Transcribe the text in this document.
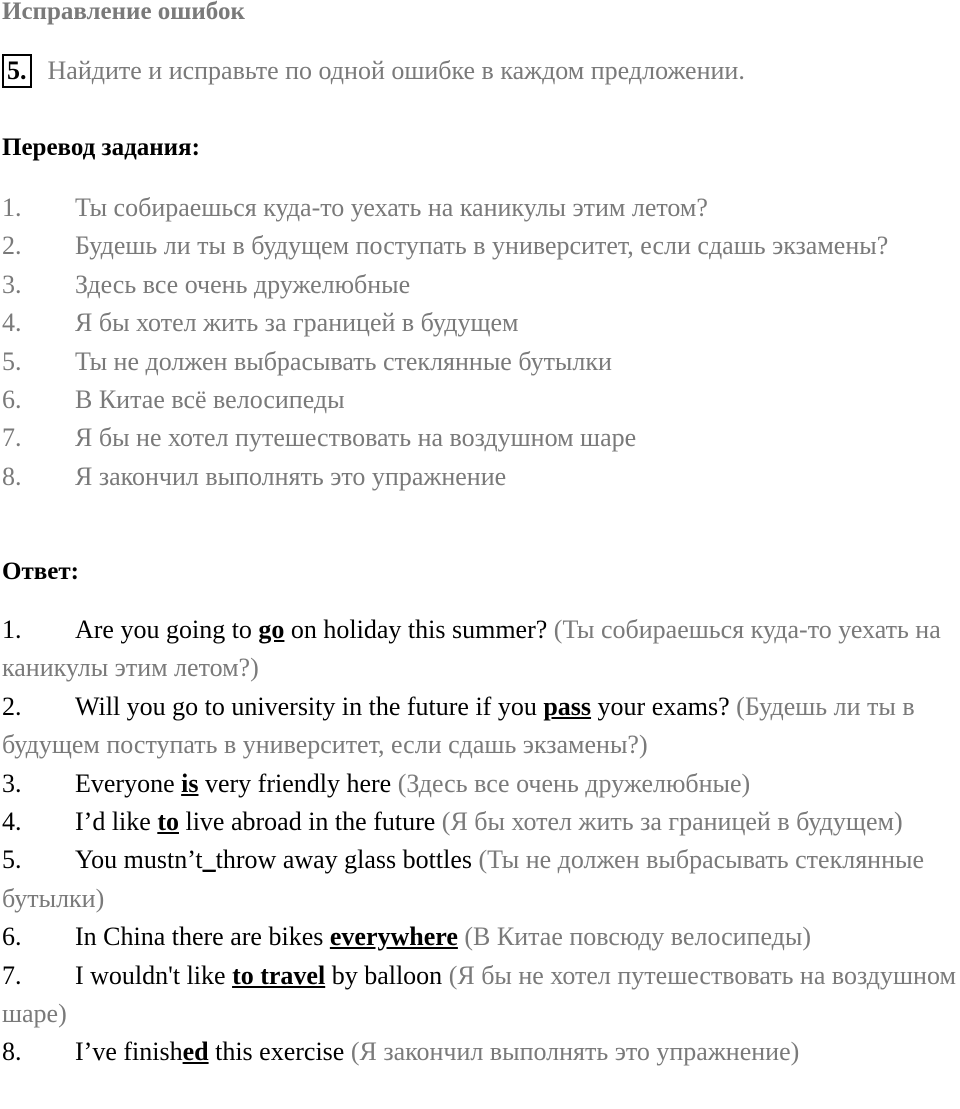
Исправление ошибок
5. Найдите и исправьте по одной ошибке в каждом предложении.
Перевод задания:

1. Ты собираешься куда-то уехать на каникулы этим летом?

2. Будешь ли ты в будущем поступать в университет, если сдашь экзамены?

3. Здесь все очень дружелюбные

4. Я бы хотел жить за границей в будущем

5. Ты не должен выбрасывать стеклянные бутылки

6. В Китае всё велосипеды

7. Я бы не хотел путешествовать на воздушном шаре

8. Я закончил выполнять это упражнение

Ответ:

1. Are you going to go on holiday this summer? (Ты собираешься куда-то уехать на каникулы этим летом?)

2. Will you go to university in the future if you pass your exams? (Будешь ли ты в будущем поступать в университет, если сдашь экзамены?)

3. Everyone is very friendly here (Здесь все очень дружелюбные)

4. I’d like to live abroad in the future (Я бы хотел жить за границей в будущем)

5. You mustn’t_throw away glass bottles (Ты не должен выбрасывать стеклянные бутылки)

6. In China there are bikes everywhere (В Китае повсюду велосипеды)

7. I wouldn't like to travel by balloon (Я бы не хотел путешествовать на воздушном шаре)

8. I’ve finished this exercise (Я закончил выполнять это упражнение)
